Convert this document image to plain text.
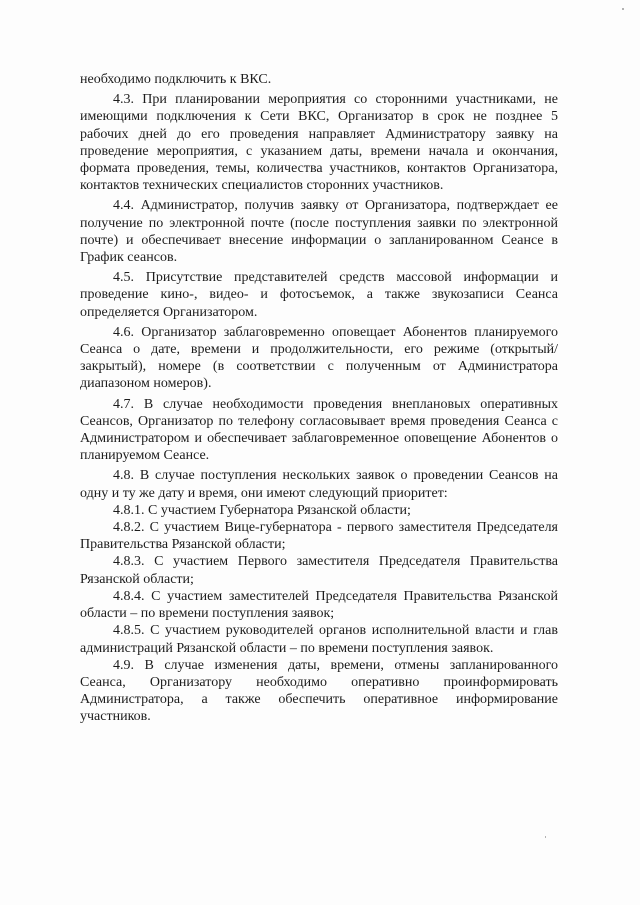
необходимо подключить к ВКС.

4.3. При планировании мероприятия со сторонними участниками, не имеющими подключения к Сети ВКС, Организатор в срок не позднее 5 рабочих дней до его проведения направляет Администратору заявку на проведение мероприятия, с указанием даты, времени начала и окончания, формата проведения, темы, количества участников, контактов Организатора, контактов технических специалистов сторонних участников.

4.4. Администратор, получив заявку от Организатора, подтверждает ее получение по электронной почте (после поступления заявки по электронной почте) и обеспечивает внесение информации о запланированном Сеансе в График сеансов.

4.5. Присутствие представителей средств массовой информации и проведение кино-, видео- и фотосъемок, а также звукозаписи Сеанса определяется Организатором.

4.6. Организатор заблаговременно оповещает Абонентов планируемого Сеанса о дате, времени и продолжительности, его режиме (открытый/закрытый), номере (в соответствии с полученным от Администратора диапазоном номеров).

4.7. В случае необходимости проведения внеплановых оперативных Сеансов, Организатор по телефону согласовывает время проведения Сеанса с Администратором и обеспечивает заблаговременное оповещение Абонентов о планируемом Сеансе.

4.8. В случае поступления нескольких заявок о проведении Сеансов на одну и ту же дату и время, они имеют следующий приоритет:

4.8.1. С участием Губернатора Рязанской области;

4.8.2. С участием Вице-губернатора - первого заместителя Председателя Правительства Рязанской области;

4.8.3. С участием Первого заместителя Председателя Правительства Рязанской области;

4.8.4. С участием заместителей Председателя Правительства Рязанской области – по времени поступления заявок;

4.8.5. С участием руководителей органов исполнительной власти и глав администраций Рязанской области – по времени поступления заявок.

4.9. В случае изменения даты, времени, отмены запланированного Сеанса, Организатору необходимо оперативно проинформировать Администратора, а также обеспечить оперативное информирование участников.
